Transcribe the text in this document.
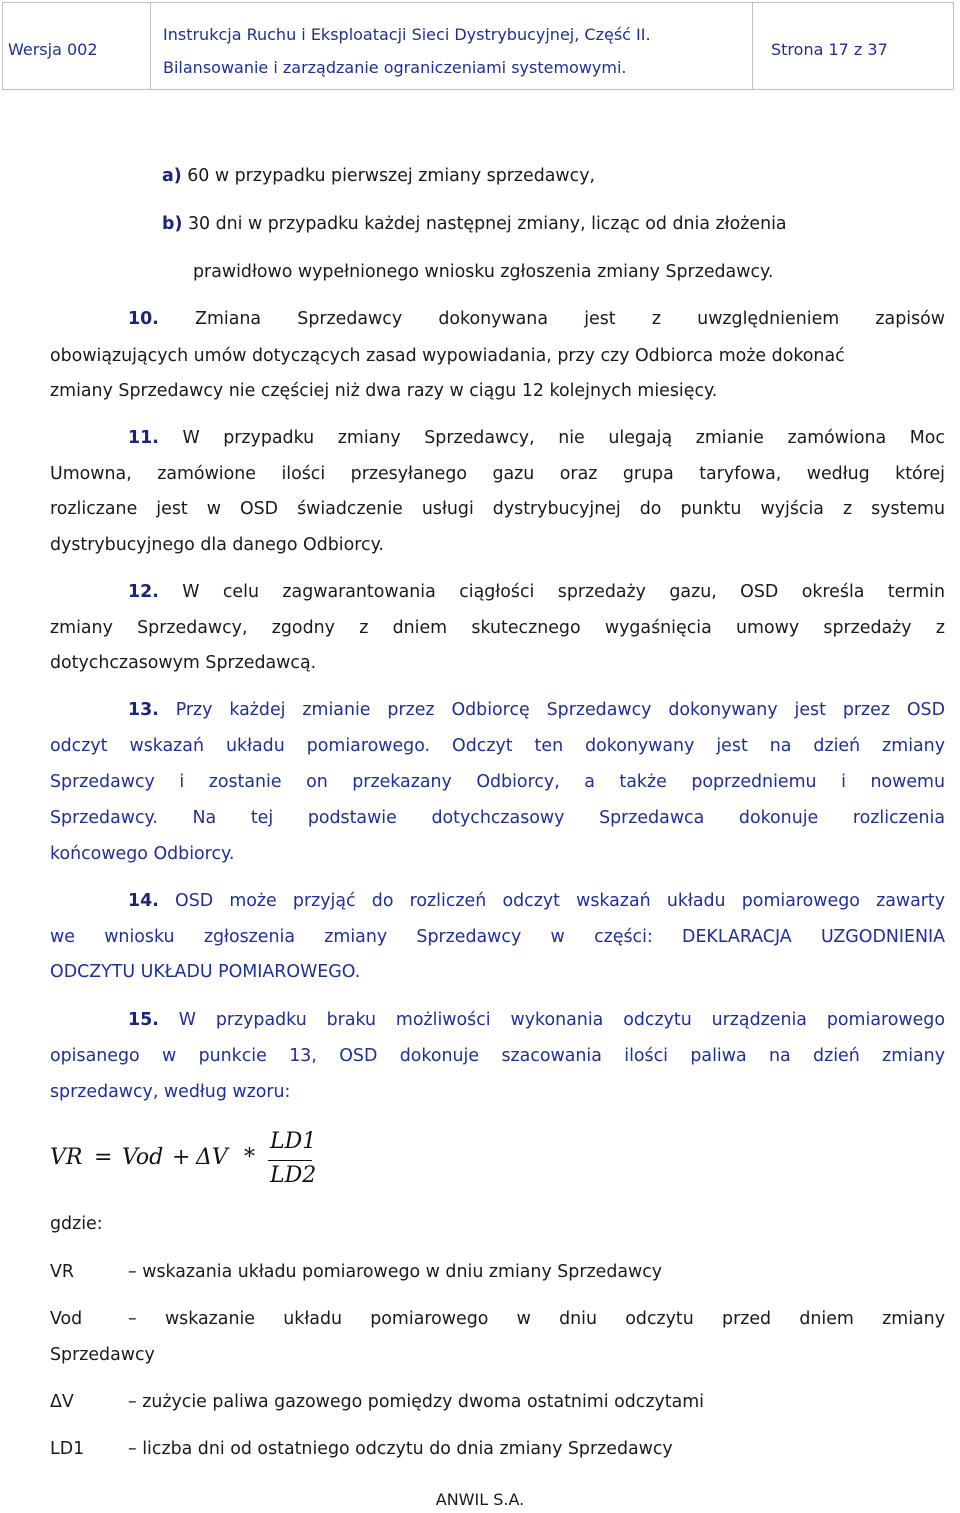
Wersja 002
Instrukcja Ruchu i Eksploatacji Sieci Dystrybucyjnej, Część II.
Bilansowanie i zarządzanie ograniczeniami systemowymi.
Strona 17 z 37
a) 60 w przypadku pierwszej zmiany sprzedawcy,
b) 30 dni w przypadku każdej następnej zmiany, licząc od dnia złożenia
prawidłowo wypełnionego wniosku zgłoszenia zmiany Sprzedawcy.
10. Zmiana Sprzedawcy dokonywana jest z uwzględnieniem zapisów
obowiązujących umów dotyczących zasad wypowiadania, przy czy Odbiorca może dokonać
zmiany Sprzedawcy nie częściej niż dwa razy w ciągu 12 kolejnych miesięcy.
11. W przypadku zmiany Sprzedawcy, nie ulegają zmianie zamówiona Moc
Umowna, zamówione ilości przesyłanego gazu oraz grupa taryfowa, według której
rozliczane jest w OSD świadczenie usługi dystrybucyjnej do punktu wyjścia z systemu
dystrybucyjnego dla danego Odbiorcy.
12. W celu zagwarantowania ciągłości sprzedaży gazu, OSD określa termin
zmiany Sprzedawcy, zgodny z dniem skutecznego wygaśnięcia umowy sprzedaży z
dotychczasowym Sprzedawcą.
13. Przy każdej zmianie przez Odbiorcę Sprzedawcy dokonywany jest przez OSD
odczyt wskazań układu pomiarowego. Odczyt ten dokonywany jest na dzień zmiany
Sprzedawcy i zostanie on przekazany Odbiorcy, a także poprzedniemu i nowemu
Sprzedawcy. Na tej podstawie dotychczasowy Sprzedawca dokonuje rozliczenia
końcowego Odbiorcy.
14. OSD może przyjąć do rozliczeń odczyt wskazań układu pomiarowego zawarty
we wniosku zgłoszenia zmiany Sprzedawcy w części: DEKLARACJA UZGODNIENIA
ODCZYTU UKŁADU POMIAROWEGO.
15. W przypadku braku możliwości wykonania odczytu urządzenia pomiarowego
opisanego w punkcie 13, OSD dokonuje szacowania ilości paliwa na dzień zmiany
sprzedawcy, według wzoru:
VR = Vod + ΔV *
LD1
LD2
gdzie:
VR	– wskazania układu pomiarowego w dniu zmiany Sprzedawcy
Vod	– wskazanie układu pomiarowego w dniu odczytu przed dniem zmiany
Sprzedawcy
ΔV	– zużycie paliwa gazowego pomiędzy dwoma ostatnimi odczytami
LD1	– liczba dni od ostatniego odczytu do dnia zmiany Sprzedawcy
ANWIL S.A.
